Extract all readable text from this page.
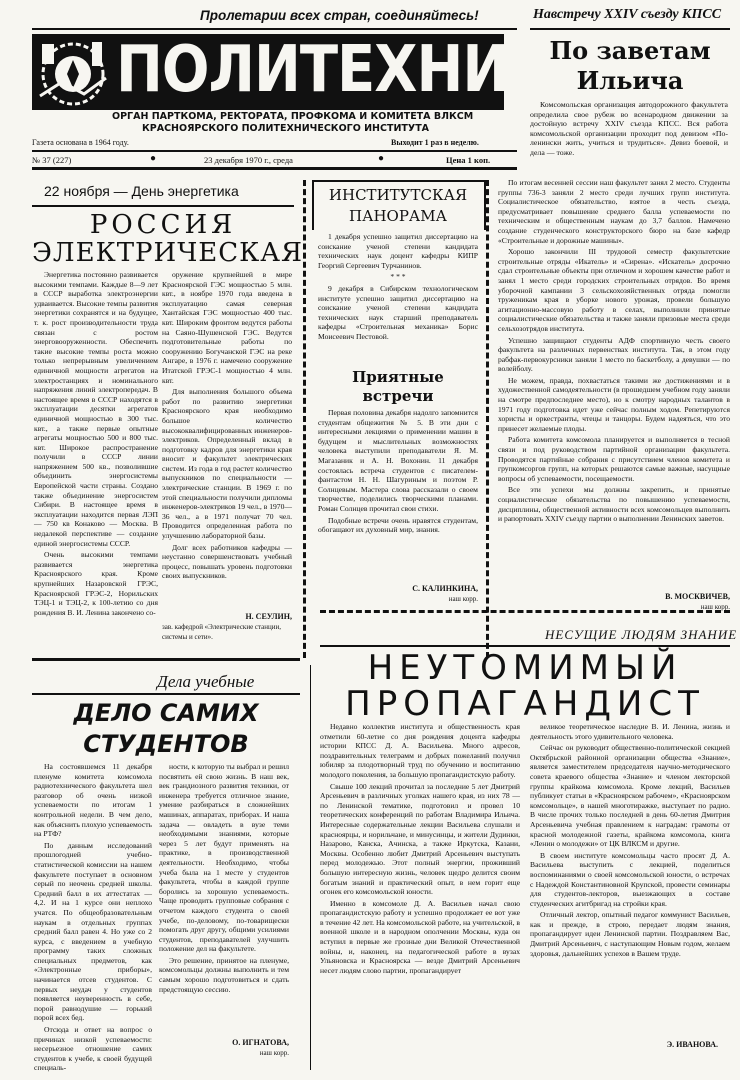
Пролетарии всех стран, соединяйтесь!	Навстречу XXIV съезду КПСС
ПОЛИТЕХНИК
ОРГАН ПАРТКОМА, РЕКТОРАТА, ПРОФКОМА И КОМИТЕТА ВЛКСМ
КРАСНОЯРСКОГО ПОЛИТЕХНИЧЕСКОГО ИНСТИТУТА
Газета основана в 1964 году.	Выходит 1 раз в неделю.
№ 37 (227)	●	23 декабря 1970 г., среда	●	Цена 1 коп.
По заветам
Ильича

Комсомольская организация автодорожного факультета определила свое рубеж во всенародном движении за достойную встречу XXIV съезда КПСС. Вся работа комсомольской организации проходит под девизом «По-ленински жить, учиться и трудиться». Девиз боевой, и дела — тоже.

22 ноября — День энергетика
РОССИЯ
ЭЛЕКТРИЧЕСКАЯ

Энергетика постоянно развивается высокими темпами. Каждые 8—9 лет в СССР выработка электроэнергии удваивается. Высокие темпы развития энергетики сохранятся и на будущее, т. к. рост производительности труда связан с ростом энерговооруженности. Обеспечить такие высокие темпы роста можно только непрерывным увеличением единичной мощности агрегатов на электростанциях и номинального напряжения линий электропередач. В настоящее время в СССР находятся в эксплуатации десятки агрегатов единичной мощностью в 300 тыс. квт., а также первые опытные агрегаты мощностью 500 и 800 тыс. квт. Широкое распространение получили в СССР линии напряжением 500 кв., позволившие объединить энергосистемы Европейской части страны. Создано также объединение энергосистем Сибири. В настоящее время в эксплуатации находится первая ЛЭП — 750 кв Конаково — Москва. В недалекой перспективе — создание единой энергосистемы СССР.

Очень высокими темпами развивается энергетика Красноярского края. Кроме крупнейших Назаровской ГРЭС, Красноярской ГРЭС-2, Норильских ТЭЦ-1 и ТЭЦ-2, к 100-летию со дня рождения В. И. Ленина закончено со-

оружение крупнейшей в мире Красноярской ГЭС мощностью 5 млн. квт., в ноябре 1970 года введена в эксплуатацию самая северная Хантайская ГЭС мощностью 400 тыс. квт. Широким фронтом ведутся работы на Саяно-Шушенской ГЭС. Ведутся подготовительные работы по сооружению Богучанской ГЭС на реке Ангаре, в 1976 г. намечено сооружение Итатской ГРЭС-1 мощностью 4 млн. квт.

Для выполнения большого объема работ по развитию энергетики Красноярского края необходимо большое количество высококвалифицированных инженеров-электриков. Определенный вклад в подготовку кадров для энергетики края вносит и факультет электрических систем. Из года в год растет количество выпускников по специальности — электрические станции. В 1969 г. по этой специальности получили дипломы инженеров-электриков 19 чел., в 1970—36 чел., а в 1971 получат 70 чел. Проводится определенная работа по улучшению лабораторной базы.

Долг всех работников кафедры — неустанно совершенствовать учебный процесс, повышать уровень подготовки своих выпускников.

Н. СЕУЛИН,
зав. кафедрой «Электрические станции, системы и сети».
ИНСТИТУТСКАЯ
ПАНОРАМА

1 декабря успешно защитил диссертацию на соискание ученой степени кандидата технических наук доцент кафедры КИПР Георгий Сергеевич Турчанинов.

* * *

9 декабря в Сибирском технологическом институте успешно защитил диссертацию на соискание ученой степени кандидата технических наук старший преподаватель кафедры «Строительная механика» Борис Моисеевич Пестовой.

Приятные
встречи

Первая половина декабря надолго запомнится студентам общежития № 5. В эти дни с интересными лекциями о применении машин в будущем и мыслительных возможностях человека выступили преподаватели Я. М. Магазаник и А. Н. Вохонин. 11 декабря состоялась встреча студентов с писателем-фантастом Н. Н. Шагуриным и поэтом Р. Солнцевым. Мастера слова рассказали о своем творчестве, поделились творческими планами. Роман Солнцев прочитал свои стихи.

Подобные встречи очень нравятся студентам, обогащают их духовный мир, знания.

С. КАЛИНКИНА,
наш корр.

По итогам весенней сессии наш факультет занял 2 место. Студенты группы 736-3 заняли 2 место среди лучших групп института. Социалистическое обязательство, взятое в честь съезда, предусматривает повышение среднего балла успеваемости по техническим и общественным наукам до 3,7 баллов. Намечено создание студенческого конструкторского бюро на базе кафедр «Строительные и дорожные машины».

Хорошо закончили III трудовой семестр факультетские строительные отряды «Икатель» и «Сирена». «Искатель» досрочно сдал строительные объекты при отличном и хорошем качестве работ и занял 1 место среди городских строительных отрядов. Во время уборочной кампании 3 сельскохозяйственных отряда помогли труженикам края в уборке нового урожая, провели большую агитационно-массовую работу в селах, выполнили принятые социалистические обязательства и также заняли призовые места среди сельхозотрядов института.

Успешно защищают студенты АДФ спортивную честь своего факультета на различных первенствах института. Так, в этом году рабфак-первокурсники заняли 1 место по баскетболу, а девушки — по волейболу.

Не можем, правда, похвастаться такими же достижениями и в художественной самодеятельности (в прошедшем учебном году заняли на смотре предпоследнее место), но к смотру народных талантов в 1971 году подготовка идет уже сейчас полным ходом. Репетируются хористы и оркестранты, чтецы и танцоры. Будем надеяться, что это принесет желаемые плоды.

Работа комитета комсомола планируется и выполняется в тесной связи и под руководством партийной организации факультета. Проводятся партийные собрания с присутствием членов комитета и групкомсоргов групп, на которых решаются самые важные, насущные вопросы об успеваемости, посещаемости.

Все эти успехи мы должны закрепить, и принятые социалистические обязательства по повышению успеваемости, дисциплины, общественной активности всех комсомольцев выполнить и рапортовать XXIV съезду партии о выполнении Ленинских заветов.

В. МОСКВИЧЕВ,
наш корр.
Дела учебные
ДЕЛО САМИХ
СТУДЕНТОВ

На состоявшемся 11 декабря пленуме комитета комсомола радиотехнического факультета шел разговор об очень низкой успеваемости по итогам 1 контрольной недели. В чем дело, как объяснить плохую успеваемость на РТФ?

По данным исследований прошлогодней учебно-статистической комиссии на нашем факультете поступает в основном серый по неочень средней школы. Средний балл в их аттестатах — 4,2. И на 1 курсе они неплохо учатся. По общеобразовательным наукам в отдельных группах средний балл равен 4. Но уже со 2 курса, с введением в учебную программу таких сложных специальных предметов, как «Электронные приборы», начинается отсев студентов. С первых неудач у студентов появляется неуверенность в себе, порой равнодушие — горький порой всех бед.

Отсюда и ответ на вопрос о причинах низкой успеваемости: несерьезное отношение самих студентов к учебе, к своей будущей специаль-

ности, к которую ты выбрал и решил посвятить ей свою жизнь. В наш век, век грандиозного развития техники, от инженера требуется отличное знание, умение разбираться в сложнейших машинах, аппаратах, приборах. И наша задача — овладеть в вузе теми необходимыми знаниями, которые через 5 лет будут применять на практике, в производственной деятельности. Необходимо, чтобы учеба была на 1 месте у студентов факультета, чтобы в каждой группе боролись за хорошую успеваемость. Чаще проводить групповые собрания с отчетом каждого студента о своей учебе, по-деловому, по-товарищески помогать друг другу, общими усилиями студентов, преподавателей улучшить положение дел на факультете.

Это решение, принятое на пленуме, комсомольцы должны выполнить и тем самым хорошо подготовиться и сдать предстоящую сессию.

О. ИГНАТОВА,
наш корр.
НЕСУЩИЕ ЛЮДЯМ ЗНАНИЕ
НЕУТОМИМЫЙ
ПРОПАГАНДИСТ

Недавно коллектив института и общественность края отметили 60-летие со дня рождения доцента кафедры истории КПСС Д. А. Васильева. Много адресов, поздравительных телеграмм и добрых пожеланий получил юбиляр за плодотворный труд по обучению и воспитанию молодого поколения, за большую пропагандистскую работу.

Свыше 100 лекций прочитал за последние 5 лет Дмитрий Арсеньевич в различных уголках нашего края, из них 78 — по Ленинской тематике, подготовил и провел 10 теоретических конференций по работам Владимира Ильича. Интересные содержательные лекции Васильева слушали и красноярцы, и норильчане, и минусинцы, и жители Дудинки, Назарово, Канска, Ачинска, а также Иркутска, Казани, Москвы. Особенно любит Дмитрий Арсеньевич выступать перед молодежью. Этот полный энергии, проживший большую интересную жизнь, человек щедро делится своим богатым знаний и практический опыт, в нем горит еще огонек его комсомольской юности.

Именно в комсомоле Д. А. Васильев начал свою пропагандистскую работу и успешно продолжает ее вот уже в течение 42 лет. На комсомольской работе, на учительской, в военной школе и в народном ополчении Москвы, куда он вступил в первые же грозные дни Великой Отечественной войны, и, наконец, на педагогической работе в вузах Ульяновска и Красноярска — везде Дмитрий Арсеньевич несет людям слово партии, пропагандирует

великое теоретическое наследие В. И. Ленина, жизнь и деятельность этого удивительного человека.

Сейчас он руководит общественно-политической секцией Октябрьской районной организации общества «Знание», является заместителем председателя научно-методического совета краевого общества «Знание» и членом лекторской группы крайкома комсомола. Кроме лекций, Васильев публикует статьи в «Красноярском рабочем», «Красноярском комсомольце», в нашей многотиражке, выступает по радио. В числе прочих только последней в день 60-летия Дмитрия Арсеньевича учебная правлением к наградам: грамоты от красной молодежной газеты, крайкома комсомола, книга «Ленин о молодежи» от ЦК ВЛКСМ и другие.

В своем институте комсомольцы часто просят Д. А. Васильева выступить с лекцией, поделиться воспоминаниями о своей комсомольской юности, о встречах с Надеждой Константиновной Крупской, провести семинары для студентов-лекторов, выезжающих в составе студенческих агитбригад на стройки края.

Отличный лектор, опытный педагог коммунист Васильев, как и прежде, в строю, передает людям знания, пропагандирует идеи Ленинской партии. Поздравляем Вас, Дмитрий Арсеньевич, с наступающим Новым годом, желаем здоровья, дальнейших успехов в Вашем труде.

Э. ИВАНОВА.
